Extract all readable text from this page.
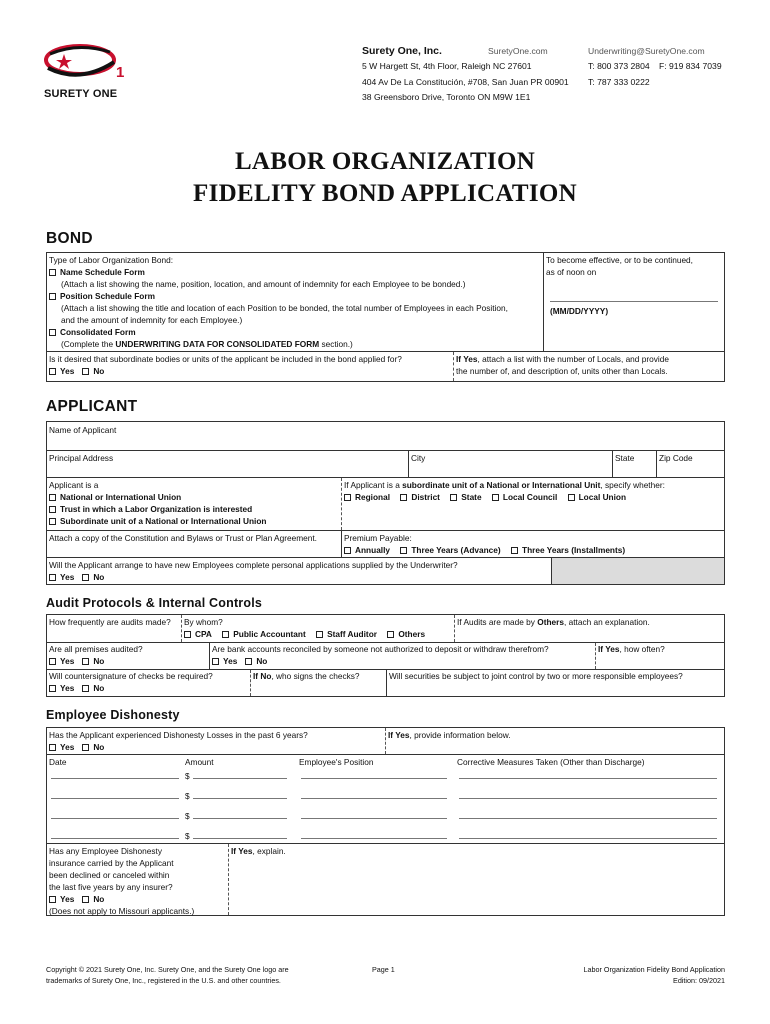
1
SURETY ONE
Surety One, Inc.	SuretyOne.com	Underwriting@SuretyOne.com
5 W Hargett St, 4th Floor, Raleigh NC 27601	T: 800 373 2804 F: 919 834 7039
404 Av De La Constitución, #708, San Juan PR 00901 T: 787 333 0222
38 Greensboro Drive, Toronto ON M9W 1E1
LABOR ORGANIZATION
FIDELITY BOND APPLICATION
BOND
Type of Labor Organization Bond:
Name Schedule Form
(Attach a list showing the name, position, location, and amount of indemnity for each Employee to be bonded.)
Position Schedule Form
(Attach a list showing the title and location of each Position to be bonded, the total number of Employees in each Position,
and the amount of indemnity for each Employee.)
Consolidated Form
(Complete the UNDERWRITING DATA FOR CONSOLIDATED FORM section.)
To become effective, or to be continued,
as of noon on
(MM/DD/YYYY)
Is it desired that subordinate bodies or units of the applicant be included in the bond applied for?
Yes No
If Yes, attach a list with the number of Locals, and provide
the number of, and description of, units other than Locals.
APPLICANT
Name of Applicant
Principal Address	City	State	Zip Code
Applicant is a
National or International Union
Trust in which a Labor Organization is interested
Subordinate unit of a National or International Union
If Applicant is a subordinate unit of a National or International Unit, specify whether:
Regional	District	State	Local Council	Local Union
Attach a copy of the Constitution and Bylaws or Trust or Plan Agreement.	Premium Payable:
Annually	Three Years (Advance)	Three Years (Installments)
Will the Applicant arrange to have new Employees complete personal applications supplied by the Underwriter?
Yes No
Audit Protocols & Internal Controls
How frequently are audits made? By whom?
CPA	Public Accountant	Staff Auditor	Others
If Audits are made by Others, attach an explanation.
Are all premises audited?
Yes No
Are bank accounts reconciled by someone not authorized to deposit or withdraw therefrom?
Yes No
If Yes, how often?
Will countersignature of checks be required?
Yes No
If No, who signs the checks?	Will securities be subject to joint control by two or more responsible employees?
Employee Dishonesty
Has the Applicant experienced Dishonesty Losses in the past 6 years?
Yes No
If Yes, provide information below.
Date	Amount	Employee's Position	Corrective Measures Taken (Other than Discharge)
$
$
$
$
Has any Employee Dishonesty
insurance carried by the Applicant
been declined or canceled within
the last five years by any insurer?
Yes No
(Does not apply to Missouri applicants.)
If Yes, explain.
Copyright © 2021 Surety One, Inc. Surety One, and the Surety One logo are
trademarks of Surety One, Inc., registered in the U.S. and other countries.
Page 1	Labor Organization Fidelity Bond Application
Edition: 09/2021
